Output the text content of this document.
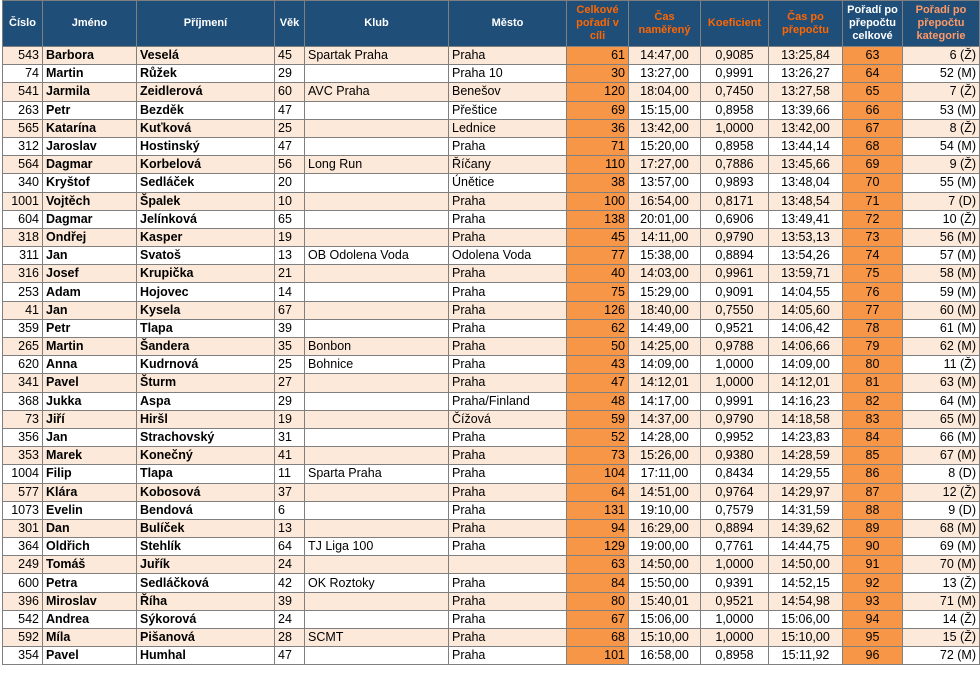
Číslo	Jméno	Příjmení	Věk	Klub	Město	Celkové pořadí v cíli	Čas naměřený	Koeficient	Čas po přepočtu	Pořadí po přepočtu celkové	Pořadí po přepočtu kategorie
543	Barbora	Veselá	45	Spartak Praha	Praha	61	14:47,00	0,9085	13:25,84	63	6 (Ž)
74	Martin	Růžek	29		Praha 10	30	13:27,00	0,9991	13:26,27	64	52 (M)
541	Jarmila	Zeidlerová	60	AVC Praha	Benešov	120	18:04,00	0,7450	13:27,58	65	7 (Ž)
263	Petr	Bezděk	47		Přeštice	69	15:15,00	0,8958	13:39,66	66	53 (M)
565	Katarína	Kuťková	25		Lednice	36	13:42,00	1,0000	13:42,00	67	8 (Ž)
312	Jaroslav	Hostinský	47		Praha	71	15:20,00	0,8958	13:44,14	68	54 (M)
564	Dagmar	Korbelová	56	Long Run	Říčany	110	17:27,00	0,7886	13:45,66	69	9 (Ž)
340	Kryštof	Sedláček	20		Únětice	38	13:57,00	0,9893	13:48,04	70	55 (M)
1001	Vojtěch	Špalek	10		Praha	100	16:54,00	0,8171	13:48,54	71	7 (D)
604	Dagmar	Jelínková	65		Praha	138	20:01,00	0,6906	13:49,41	72	10 (Ž)
318	Ondřej	Kasper	19		Praha	45	14:11,00	0,9790	13:53,13	73	56 (M)
311	Jan	Svatoš	13	OB Odolena Voda	Odolena Voda	77	15:38,00	0,8894	13:54,26	74	57 (M)
316	Josef	Krupička	21		Praha	40	14:03,00	0,9961	13:59,71	75	58 (M)
253	Adam	Hojovec	14		Praha	75	15:29,00	0,9091	14:04,55	76	59 (M)
41	Jan	Kysela	67		Praha	126	18:40,00	0,7550	14:05,60	77	60 (M)
359	Petr	Tlapa	39		Praha	62	14:49,00	0,9521	14:06,42	78	61 (M)
265	Martin	Šandera	35	Bonbon	Praha	50	14:25,00	0,9788	14:06,66	79	62 (M)
620	Anna	Kudrnová	25	Bohnice	Praha	43	14:09,00	1,0000	14:09,00	80	11 (Ž)
341	Pavel	Šturm	27		Praha	47	14:12,01	1,0000	14:12,01	81	63 (M)
368	Jukka	Aspa	29		Praha/Finland	48	14:17,00	0,9991	14:16,23	82	64 (M)
73	Jiří	Hiršl	19		Čížová	59	14:37,00	0,9790	14:18,58	83	65 (M)
356	Jan	Strachovský	31		Praha	52	14:28,00	0,9952	14:23,83	84	66 (M)
353	Marek	Konečný	41		Praha	73	15:26,00	0,9380	14:28,59	85	67 (M)
1004	Filip	Tlapa	11	Sparta Praha	Praha	104	17:11,00	0,8434	14:29,55	86	8 (D)
577	Klára	Kobosová	37		Praha	64	14:51,00	0,9764	14:29,97	87	12 (Ž)
1073	Evelin	Bendová	6		Praha	131	19:10,00	0,7579	14:31,59	88	9 (D)
301	Dan	Bulíček	13		Praha	94	16:29,00	0,8894	14:39,62	89	68 (M)
364	Oldřich	Stehlík	64	TJ Liga 100	Praha	129	19:00,00	0,7761	14:44,75	90	69 (M)
249	Tomáš	Juřík	24			63	14:50,00	1,0000	14:50,00	91	70 (M)
600	Petra	Sedláčková	42	OK Roztoky	Praha	84	15:50,00	0,9391	14:52,15	92	13 (Ž)
396	Miroslav	Říha	39		Praha	80	15:40,01	0,9521	14:54,98	93	71 (M)
542	Andrea	Sýkorová	24		Praha	67	15:06,00	1,0000	15:06,00	94	14 (Ž)
592	Míla	Pišanová	28	SCMT	Praha	68	15:10,00	1,0000	15:10,00	95	15 (Ž)
354	Pavel	Humhal	47		Praha	101	16:58,00	0,8958	15:11,92	96	72 (M)
